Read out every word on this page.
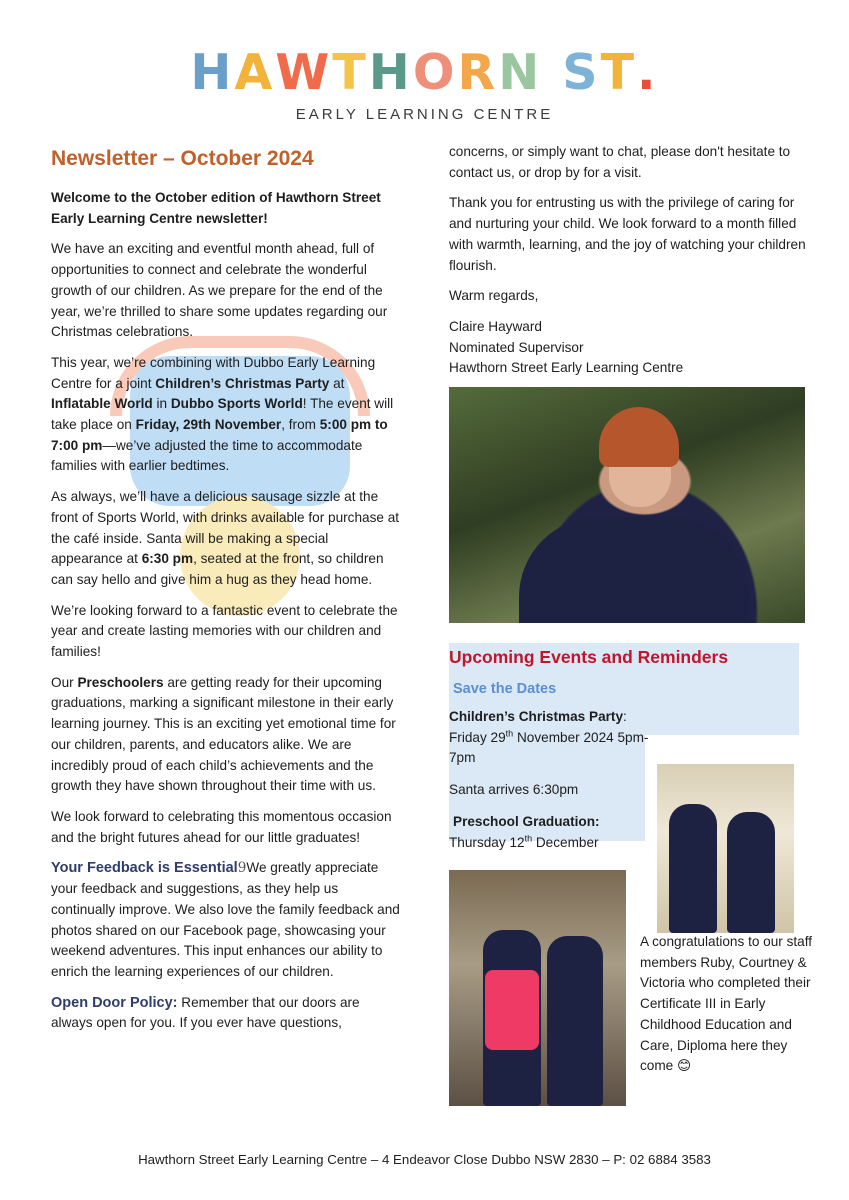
HAWTHORN ST.
EARLY LEARNING CENTRE
Newsletter – October 2024

Welcome to the October edition of Hawthorn Street Early Learning Centre newsletter!

We have an exciting and eventful month ahead, full of opportunities to connect and celebrate the wonderful growth of our children. As we prepare for the end of the year, we’re thrilled to share some updates regarding our Christmas celebrations.

This year, we’re combining with Dubbo Early Learning Centre for a joint Children’s Christmas Party at Inflatable World in Dubbo Sports World! The event will take place on Friday, 29th November, from 5:00 pm to 7:00 pm—we’ve adjusted the time to accommodate families with earlier bedtimes.

As always, we’ll have a delicious sausage sizzle at the front of Sports World, with drinks available for purchase at the café inside. Santa will be making a special appearance at 6:30 pm, seated at the front, so children can say hello and give him a hug as they head home.

We’re looking forward to a fantastic event to celebrate the year and create lasting memories with our children and families!

Our Preschoolers are getting ready for their upcoming graduations, marking a significant milestone in their early learning journey. This is an exciting yet emotional time for our children, parents, and educators alike. We are incredibly proud of each child’s achievements and the growth they have shown throughout their time with us.

We look forward to celebrating this momentous occasion and the bright futures ahead for our little graduates!

Your Feedback is Essential9We greatly appreciate your feedback and suggestions, as they help us continually improve. We also love the family feedback and photos shared on our Facebook page, showcasing your weekend adventures. This input enhances our ability to enrich the learning experiences of our children.

Open Door Policy: Remember that our doors are always open for you. If you ever have questions,

concerns, or simply want to chat, please don't hesitate to contact us, or drop by for a visit.

Thank you for entrusting us with the privilege of caring for and nurturing your child. We look forward to a month filled with warmth, learning, and the joy of watching your children flourish.

Warm regards,

Claire Hayward
Nominated Supervisor
Hawthorn Street Early Learning Centre

Upcoming Events and Reminders
Save the Dates
Children’s Christmas Party: Friday 29th November 2024 5pm-7pm
Santa arrives 6:30pm
Preschool Graduation:
Thursday 12th December
A congratulations to our staff members Ruby, Courtney & Victoria who completed their Certificate III in Early Childhood Education and Care, Diploma here they come 😊
Hawthorn Street Early Learning Centre – 4 Endeavor Close Dubbo NSW 2830 – P: 02 6884 3583
